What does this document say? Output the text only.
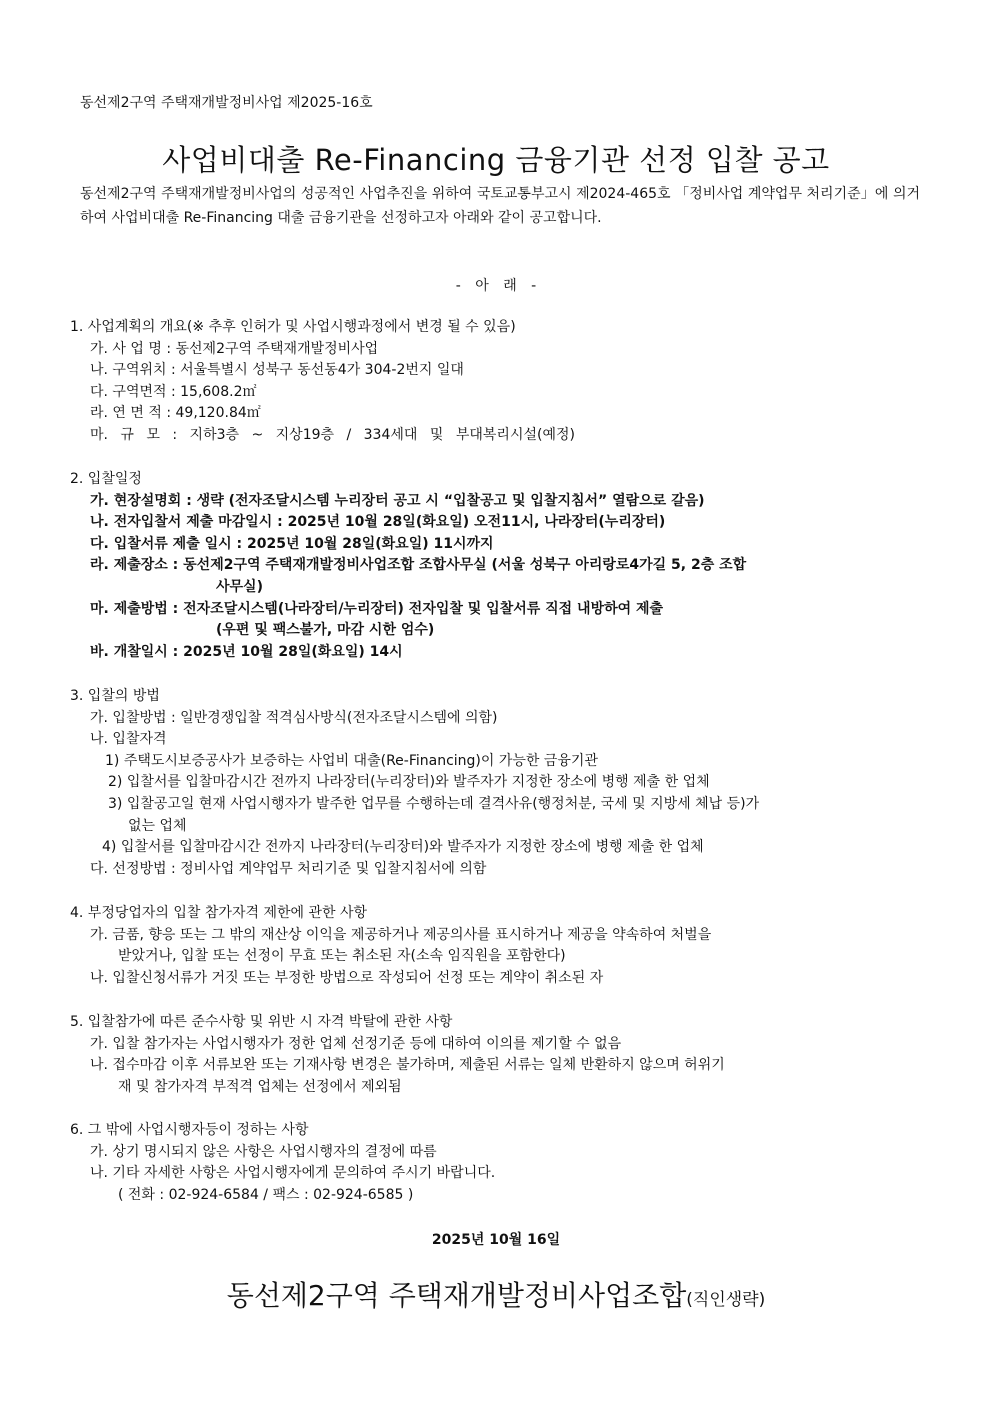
동선제2구역 주택재개발정비사업 제2025-16호
사업비대출 Re-Financing 금융기관 선정 입찰 공고
동선제2구역 주택재개발정비사업의 성공적인 사업추진을 위하여 국토교통부고시 제2024-465호 「정비사업 계약업무 처리기준」에 의거하여 사업비대출 Re-Financing 대출 금융기관을 선정하고자 아래와 같이 공고합니다.
- 아 래 -
1. 사업계획의 개요(※ 추후 인허가 및 사업시행과정에서 변경 될 수 있음)
가. 사 업 명 : 동선제2구역 주택재개발정비사업
나. 구역위치 : 서울특별시 성북구 동선동4가 304-2번지 일대
다. 구역면적 : 15,608.2㎡
라. 연 면 적 : 49,120.84㎡
마. 규 모 : 지하3층 ~ 지상19층 / 334세대 및 부대복리시설(예정)
2. 입찰일정
가. 현장설명회 : 생략 (전자조달시스템 누리장터 공고 시 “입찰공고 및 입찰지침서” 열람으로 갈음)
나. 전자입찰서 제출 마감일시 : 2025년 10월 28일(화요일) 오전11시, 나라장터(누리장터)
다. 입찰서류 제출 일시 : 2025년 10월 28일(화요일) 11시까지
라. 제출장소 : 동선제2구역 주택재개발정비사업조합 조합사무실 (서울 성북구 아리랑로4가길 5, 2층 조합
사무실)
마. 제출방법 : 전자조달시스템(나라장터/누리장터) 전자입찰 및 입찰서류 직접 내방하여 제출
(우편 및 팩스불가, 마감 시한 엄수)
바. 개찰일시 : 2025년 10월 28일(화요일) 14시
3. 입찰의 방법
가. 입찰방법 : 일반경쟁입찰 적격심사방식(전자조달시스템에 의함)
나. 입찰자격
1) 주택도시보증공사가 보증하는 사업비 대출(Re-Financing)이 가능한 금융기관
2) 입찰서를 입찰마감시간 전까지 나라장터(누리장터)와 발주자가 지정한 장소에 병행 제출 한 업체
3) 입찰공고일 현재 사업시행자가 발주한 업무를 수행하는데 결격사유(행정처분, 국세 및 지방세 체납 등)가
없는 업체
4) 입찰서를 입찰마감시간 전까지 나라장터(누리장터)와 발주자가 지정한 장소에 병행 제출 한 업체
다. 선정방법 : 정비사업 계약업무 처리기준 및 입찰지침서에 의함
4. 부정당업자의 입찰 참가자격 제한에 관한 사항
가. 금품, 향응 또는 그 밖의 재산상 이익을 제공하거나 제공의사를 표시하거나 제공을 약속하여 처벌을
받았거나, 입찰 또는 선정이 무효 또는 취소된 자(소속 임직원을 포함한다)
나. 입찰신청서류가 거짓 또는 부정한 방법으로 작성되어 선정 또는 계약이 취소된 자
5. 입찰참가에 따른 준수사항 및 위반 시 자격 박탈에 관한 사항
가. 입찰 참가자는 사업시행자가 정한 업체 선정기준 등에 대하여 이의를 제기할 수 없음
나. 접수마감 이후 서류보완 또는 기재사항 변경은 불가하며, 제출된 서류는 일체 반환하지 않으며 허위기
재 및 참가자격 부적격 업체는 선정에서 제외됨
6. 그 밖에 사업시행자등이 정하는 사항
가. 상기 명시되지 않은 사항은 사업시행자의 결정에 따름
나. 기타 자세한 사항은 사업시행자에게 문의하여 주시기 바랍니다.
( 전화 : 02-924-6584 / 팩스 : 02-924-6585 )
2025년 10월 16일
동선제2구역 주택재개발정비사업조합(직인생략)
